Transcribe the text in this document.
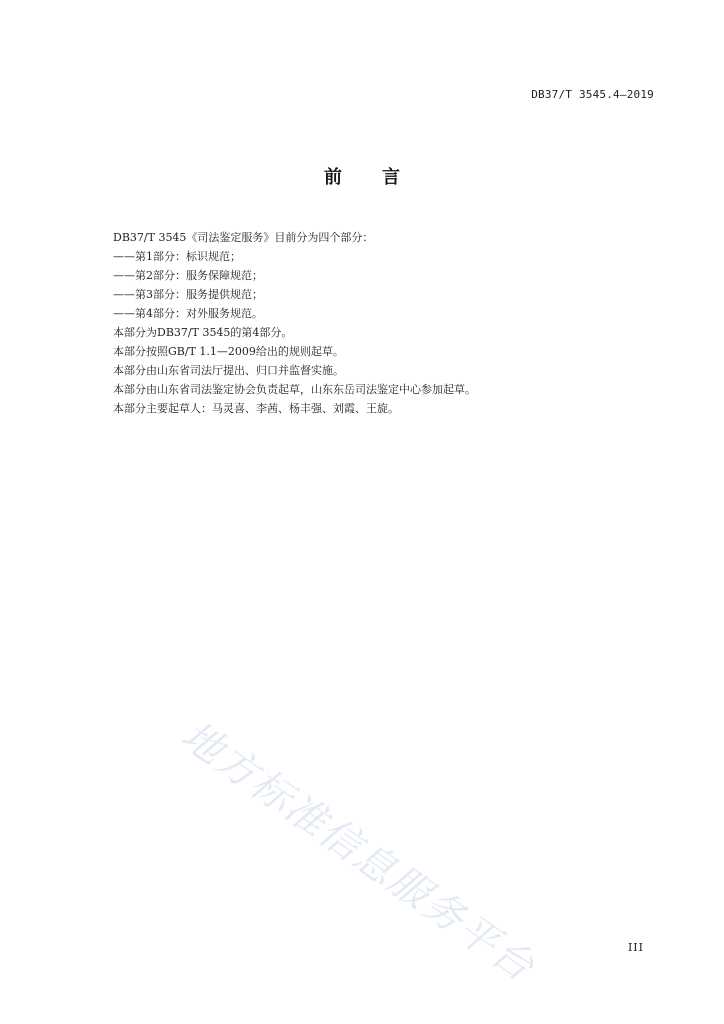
DB37/T 3545.4—2019
前言
DB37/T 3545《司法鉴定服务》目前分为四个部分：
——第1部分：标识规范；
——第2部分：服务保障规范；
——第3部分：服务提供规范；
——第4部分：对外服务规范。
本部分为DB37/T 3545的第4部分。
本部分按照GB/T 1.1—2009给出的规则起草。
本部分由山东省司法厅提出、归口并监督实施。
本部分由山东省司法鉴定协会负责起草，山东东岳司法鉴定中心参加起草。
本部分主要起草人：马灵喜、李茜、杨丰强、刘霞、王旋。
地方标准信息服务平台	III
